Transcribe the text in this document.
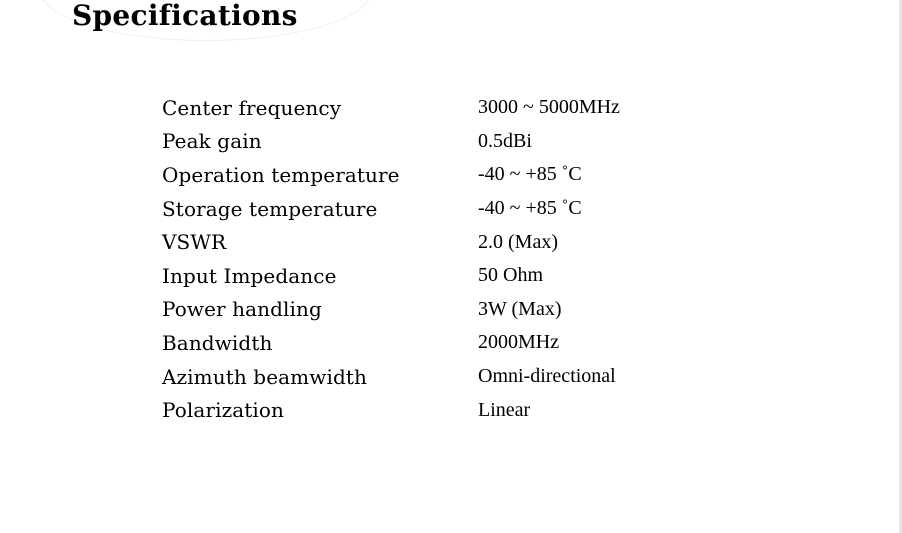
Specifications
Center frequency	3000 ~ 5000MHz
Peak gain	0.5dBi
Operation temperature	-40 ~ +85 ˚C
Storage temperature	-40 ~ +85 ˚C
VSWR	2.0 (Max)
Input Impedance	50 Ohm
Power handling	3W (Max)
Bandwidth	2000MHz
Azimuth beamwidth	Omni-directional
Polarization	Linear
